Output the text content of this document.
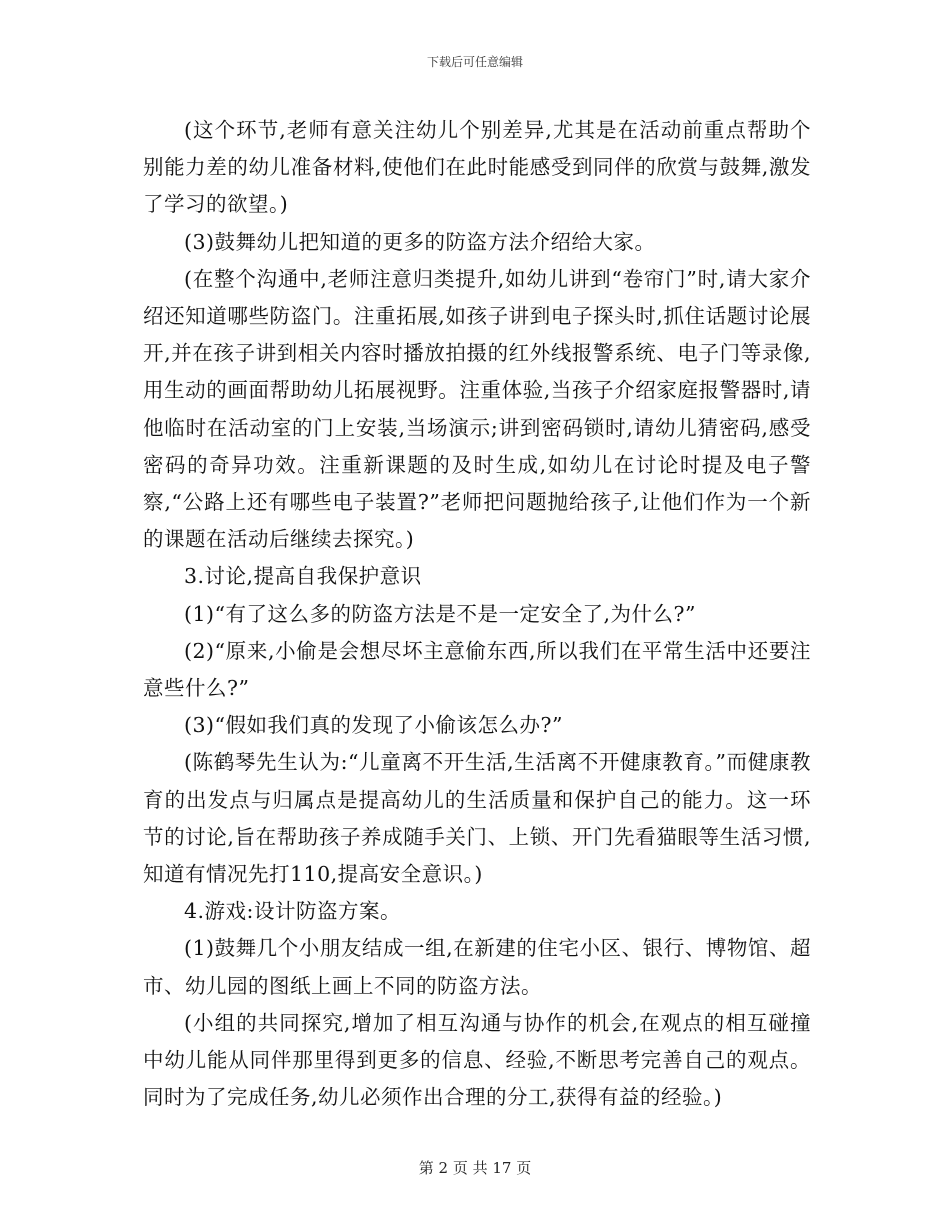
下载后可任意编辑

(这个环节,老师有意关注幼儿个别差异,尤其是在活动前重点帮助个别能力差的幼儿准备材料,使他们在此时能感受到同伴的欣赏与鼓舞,激发了学习的欲望。)

(3)鼓舞幼儿把知道的更多的防盗方法介绍给大家。

(在整个沟通中,老师注意归类提升,如幼儿讲到“卷帘门”时,请大家介绍还知道哪些防盗门。注重拓展,如孩子讲到电子探头时,抓住话题讨论展开,并在孩子讲到相关内容时播放拍摄的红外线报警系统、电子门等录像,用生动的画面帮助幼儿拓展视野。注重体验,当孩子介绍家庭报警器时,请他临时在活动室的门上安装,当场演示;讲到密码锁时,请幼儿猜密码,感受密码的奇异功效。注重新课题的及时生成,如幼儿在讨论时提及电子警察,“公路上还有哪些电子装置?”老师把问题抛给孩子,让他们作为一个新的课题在活动后继续去探究。)

3.讨论,提高自我保护意识

(1)“有了这么多的防盗方法是不是一定安全了,为什么?”

(2)“原来,小偷是会想尽坏主意偷东西,所以我们在平常生活中还要注意些什么?”

(3)“假如我们真的发现了小偷该怎么办?”

(陈鹤琴先生认为:“儿童离不开生活,生活离不开健康教育。”而健康教育的出发点与归属点是提高幼儿的生活质量和保护自己的能力。这一环节的讨论,旨在帮助孩子养成随手关门、上锁、开门先看猫眼等生活习惯,知道有情况先打110,提高安全意识。)

4.游戏:设计防盗方案。

(1)鼓舞几个小朋友结成一组,在新建的住宅小区、银行、博物馆、超市、幼儿园的图纸上画上不同的防盗方法。

(小组的共同探究,增加了相互沟通与协作的机会,在观点的相互碰撞中幼儿能从同伴那里得到更多的信息、经验,不断思考完善自己的观点。同时为了完成任务,幼儿必须作出合理的分工,获得有益的经验。)

第 2 页 共 17 页
